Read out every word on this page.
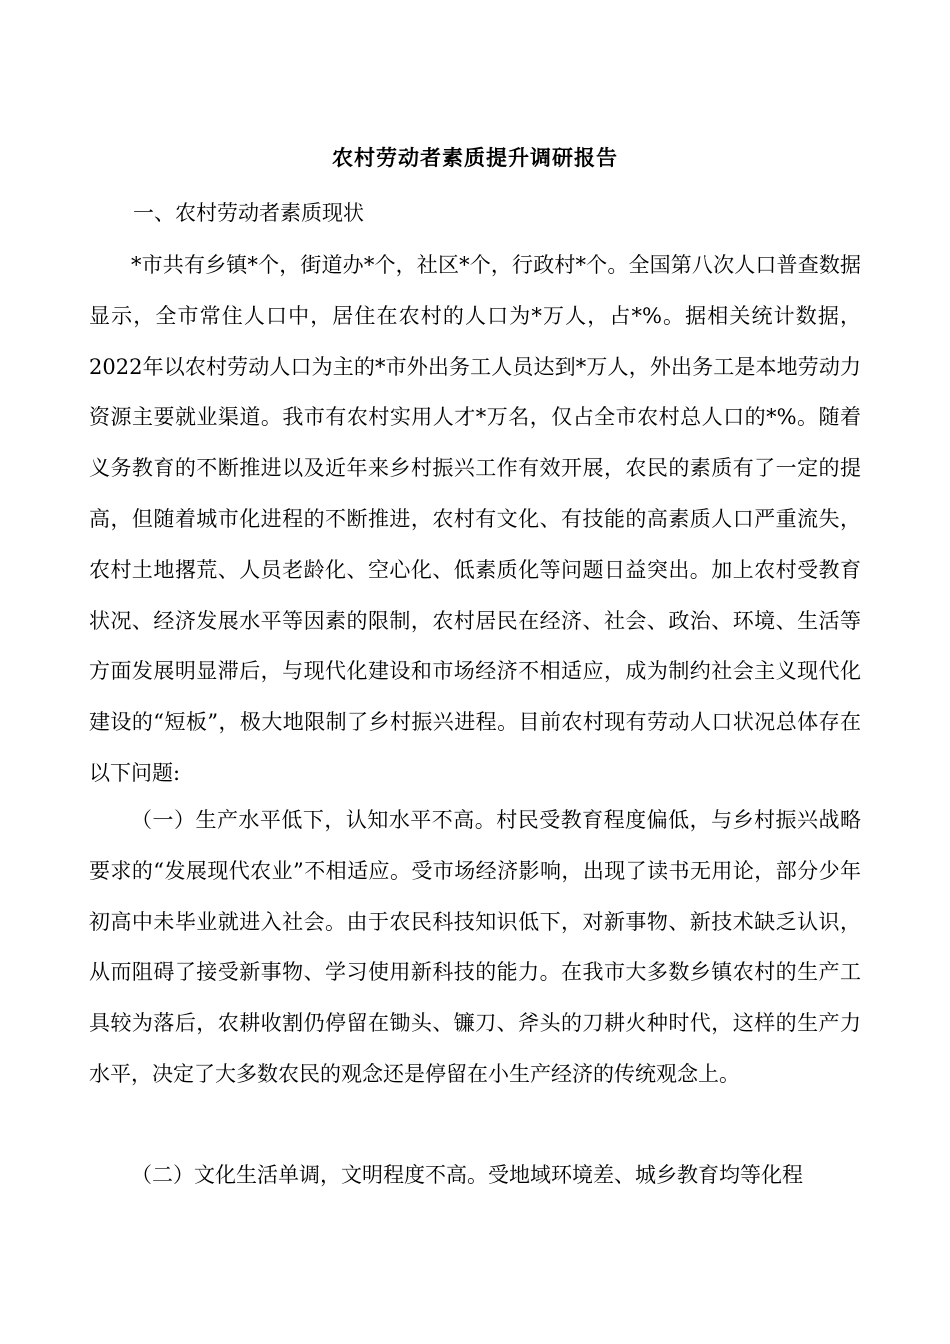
农村劳动者素质提升调研报告

一、农村劳动者素质现状

*市共有乡镇*个，街道办*个，社区*个，行政村*个。全国第八次人口普查数据显示，全市常住人口中，居住在农村的人口为*万人，占*%。据相关统计数据，2022年以农村劳动人口为主的*市外出务工人员达到*万人，外出务工是本地劳动力资源主要就业渠道。我市有农村实用人才*万名，仅占全市农村总人口的*%。随着义务教育的不断推进以及近年来乡村振兴工作有效开展，农民的素质有了一定的提高，但随着城市化进程的不断推进，农村有文化、有技能的高素质人口严重流失，农村土地撂荒、人员老龄化、空心化、低素质化等问题日益突出。加上农村受教育状况、经济发展水平等因素的限制，农村居民在经济、社会、政治、环境、生活等方面发展明显滞后，与现代化建设和市场经济不相适应，成为制约社会主义现代化建设的“短板”，极大地限制了乡村振兴进程。目前农村现有劳动人口状况总体存在以下问题:

（一）生产水平低下，认知水平不高。村民受教育程度偏低，与乡村振兴战略要求的“发展现代农业”不相适应。受市场经济影响，出现了读书无用论，部分少年初高中未毕业就进入社会。由于农民科技知识低下，对新事物、新技术缺乏认识，从而阻碍了接受新事物、学习使用新科技的能力。在我市大多数乡镇农村的生产工具较为落后，农耕收割仍停留在锄头、镰刀、斧头的刀耕火种时代，这样的生产力水平，决定了大多数农民的观念还是停留在小生产经济的传统观念上。

（二）文化生活单调，文明程度不高。受地域环境差、城乡教育均等化程
